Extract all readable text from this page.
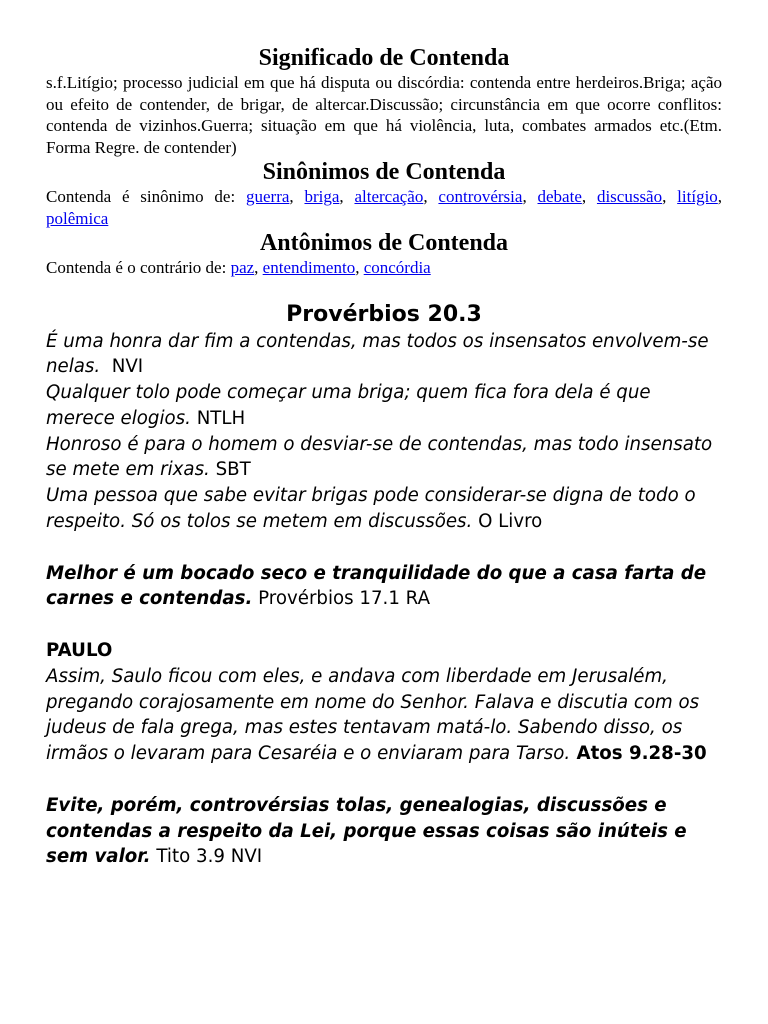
Significado de Contenda

s.f.Litígio; processo judicial em que há disputa ou discórdia: contenda entre herdeiros.Briga; ação ou efeito de contender, de brigar, de altercar.Discussão; circunstância em que ocorre conflitos: contenda de vizinhos.Guerra; situação em que há violência, luta, combates armados etc.(Etm. Forma Regre. de contender)

Sinônimos de Contenda

Contenda é sinônimo de: guerra, briga, altercação, controvérsia, debate, discussão, litígio, polêmica

Antônimos de Contenda

Contenda é o contrário de: paz, entendimento, concórdia

Provérbios 20.3
É uma honra dar fim a contendas, mas todos os insensatos envolvem-se nelas.  NVI
Qualquer tolo pode começar uma briga; quem fica fora dela é que merece elogios. NTLH
Honroso é para o homem o desviar-se de contendas, mas todo insensato se mete em rixas. SBT
Uma pessoa que sabe evitar brigas pode considerar-se digna de todo o respeito. Só os tolos se metem em discussões. O Livro
Melhor é um bocado seco e tranquilidade do que a casa farta de carnes e contendas. Provérbios 17.1 RA
PAULO
Assim, Saulo ficou com eles, e andava com liberdade em Jerusalém, pregando corajosamente em nome do Senhor. Falava e discutia com os judeus de fala grega, mas estes tentavam matá-lo. Sabendo disso, os irmãos o levaram para Cesaréia e o enviaram para Tarso. Atos 9.28-30
Evite, porém, controvérsias tolas, genealogias, discussões e contendas a respeito da Lei, porque essas coisas são inúteis e sem valor. Tito 3.9 NVI
